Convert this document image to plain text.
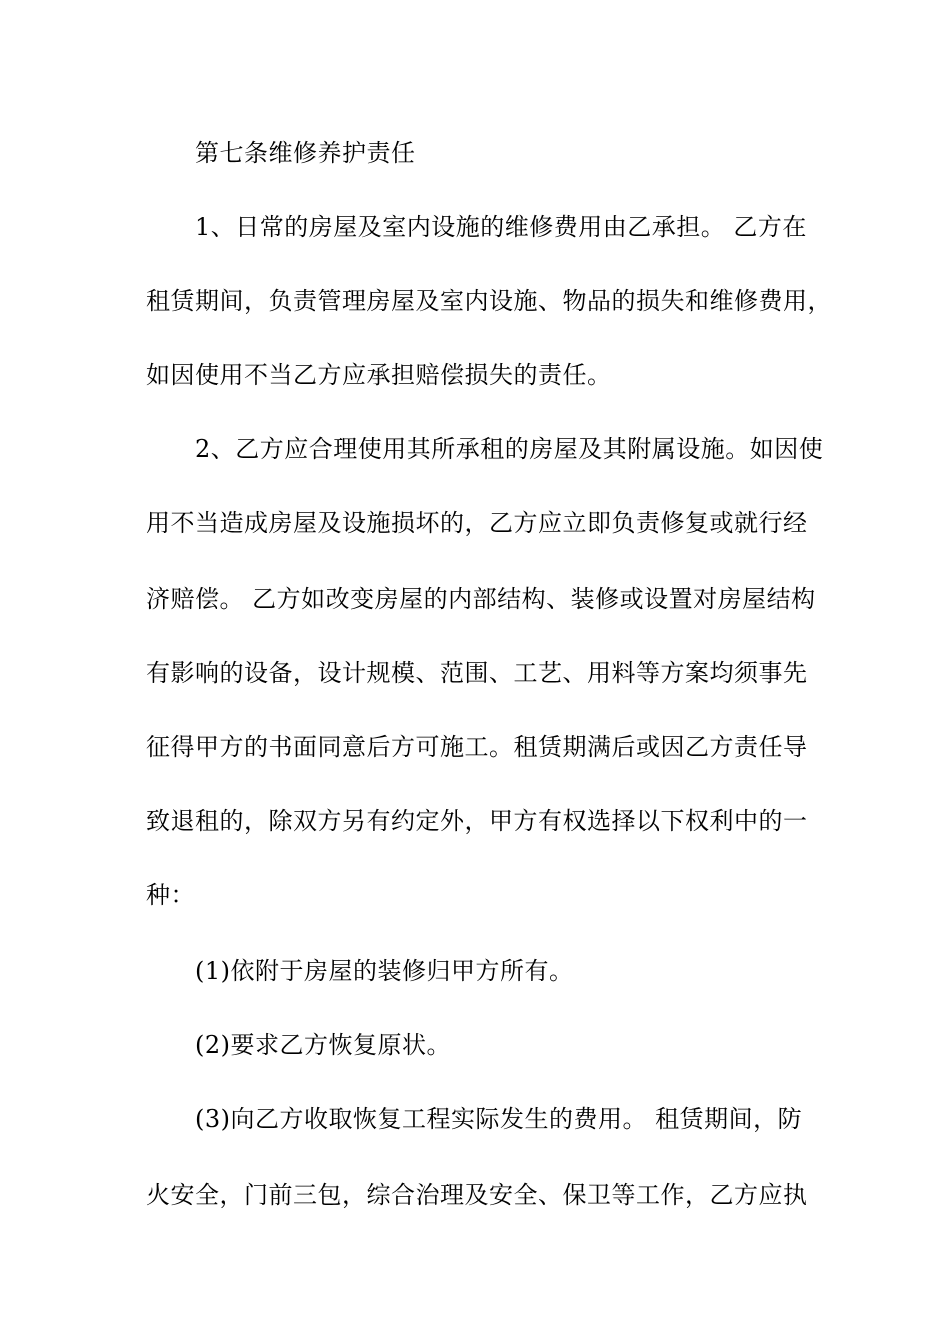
第七条维修养护责任
1、日常的房屋及室内设施的维修费用由乙承担。 乙方在
租赁期间，负责管理房屋及室内设施、物品的损失和维修费用，
如因使用不当乙方应承担赔偿损失的责任。
2、乙方应合理使用其所承租的房屋及其附属设施。如因使
用不当造成房屋及设施损坏的，乙方应立即负责修复或就行经
济赔偿。 乙方如改变房屋的内部结构、装修或设置对房屋结构
有影响的设备，设计规模、范围、工艺、用料等方案均须事先
征得甲方的书面同意后方可施工。租赁期满后或因乙方责任导
致退租的，除双方另有约定外，甲方有权选择以下权利中的一
种：
(1)依附于房屋的装修归甲方所有。
(2)要求乙方恢复原状。
(3)向乙方收取恢复工程实际发生的费用。 租赁期间，防
火安全，门前三包，综合治理及安全、保卫等工作，乙方应执
